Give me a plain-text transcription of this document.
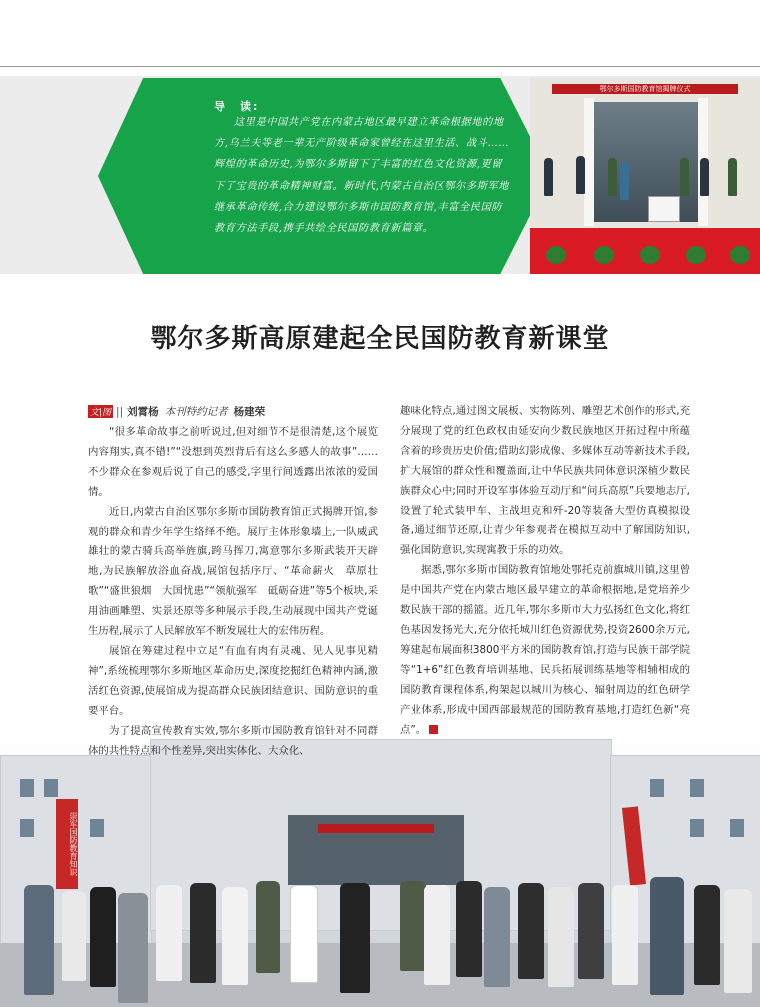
导　读:
这里是中国共产党在内蒙古地区最早建立革命根据地的地方,乌兰夫等老一辈无产阶级革命家曾经在这里生活、战斗……辉煌的革命历史,为鄂尔多斯留下了丰富的红色文化资源,更留下了宝贵的革命精神财富。新时代,内蒙古自治区鄂尔多斯军地继承革命传统,合力建设鄂尔多斯市国防教育馆,丰富全民国防教育方法手段,携手共绘全民国防教育新篇章。
鄂尔多斯国防教育馆揭牌仪式
鄂尔多斯高原建起全民国防教育新课堂
文|图 || 刘霄杨 本刊特约记者 杨建荣
崇军国防教育知识

“很多革命故事之前听说过,但对细节不是很清楚,这个展览内容翔实,真不错!”“没想到英烈背后有这么多感人的故事”……不少群众在参观后说了自己的感受,字里行间透露出浓浓的爱国情。

近日,内蒙古自治区鄂尔多斯市国防教育馆正式揭牌开馆,参观的群众和青少年学生络绎不绝。展厅主体形象墙上,一队威武雄壮的蒙古骑兵高举旌旗,跨马挥刀,寓意鄂尔多斯武装开天辟地,为民族解放浴血奋战,展馆包括序厅、“革命薪火　草原壮歌”“盛世狼烟　大国忧患”“领航强军　砥砺奋进”等5个板块,采用油画雕塑、实景还原等多种展示手段,生动展现中国共产党诞生历程,展示了人民解放军不断发展壮大的宏伟历程。

展馆在筹建过程中立足“有血有肉有灵魂、见人见事见精神”,系统梳理鄂尔多斯地区革命历史,深度挖掘红色精神内涵,激活红色资源,使展馆成为提高群众民族团结意识、国防意识的重要平台。

为了提高宣传教育实效,鄂尔多斯市国防教育馆针对不同群体的共性特点和个性差异,突出实体化、大众化、

趣味化特点,通过图文展板、实物陈列、雕塑艺术创作的形式,充分展现了党的红色政权由延安向少数民族地区开拓过程中所蕴含着的珍贵历史价值;借助幻影成像、多媒体互动等新技术手段,扩大展馆的群众性和覆盖面,让中华民族共同体意识深植少数民族群众心中;同时开设军事体验互动厅和“问兵高原”兵要地志厅,设置了轮式装甲车、主战坦克和歼-20等装备大型仿真模拟设备,通过细节还原,让青少年参观者在模拟互动中了解国防知识,强化国防意识,实现寓教于乐的功效。

据悉,鄂尔多斯市国防教育馆地处鄂托克前旗城川镇,这里曾是中国共产党在内蒙古地区最早建立的革命根据地,是党培养少数民族干部的摇篮。近几年,鄂尔多斯市大力弘扬红色文化,将红色基因发扬光大,充分依托城川红色资源优势,投资2600余万元,筹建起布展面积3800平方米的国防教育馆,打造与民族干部学院等“1+6”红色教育培训基地、民兵拓展训练基地等相辅相成的国防教育课程体系,构架起以城川为核心、辐射周边的红色研学产业体系,形成中国西部最规范的国防教育基地,打造红色新“亮点”。	G
